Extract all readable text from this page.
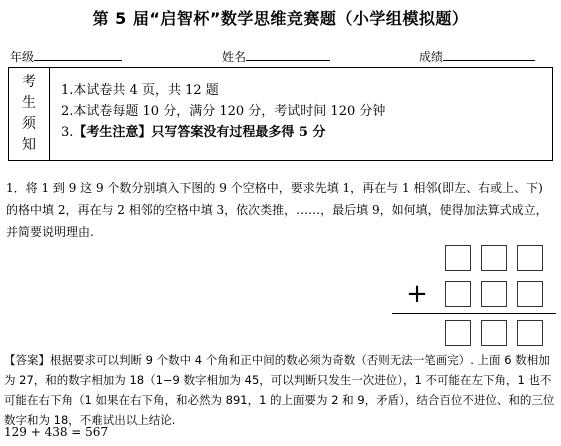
第 5 届“启智杯”数学思维竞赛题（小学组模拟题）
年级	姓名	成绩
考
生
须
知
1.本试卷共 4 页，共 12 题
2.本试卷每题 10 分，满分 120 分，考试时间 120 分钟
3.【考生注意】只写答案没有过程最多得 5 分
1．将 1 到 9 这 9 个数分别填入下图的 9 个空格中，要求先填 1，再在与 1 相邻(即左、右或上、下)的格中填 2，再在与 2 相邻的空格中填 3，依次类推，……，最后填 9，如何填，使得加法算式成立，并简要说明理由.
+
【答案】根据要求可以判断 9 个数中 4 个角和正中间的数必须为奇数（否则无法一笔画完）. 上面 6 数相加为 27，和的数字相加为 18（1−9 数字相加为 45，可以判断只发生一次进位），1 不可能在左下角，1 也不可能在右下角（1 如果在右下角，和必然为 891，1 的上面要为 2 和 9，矛盾），结合百位不进位、和的三位数字和为 18，不难试出以上结论.
129 + 438 = 567
